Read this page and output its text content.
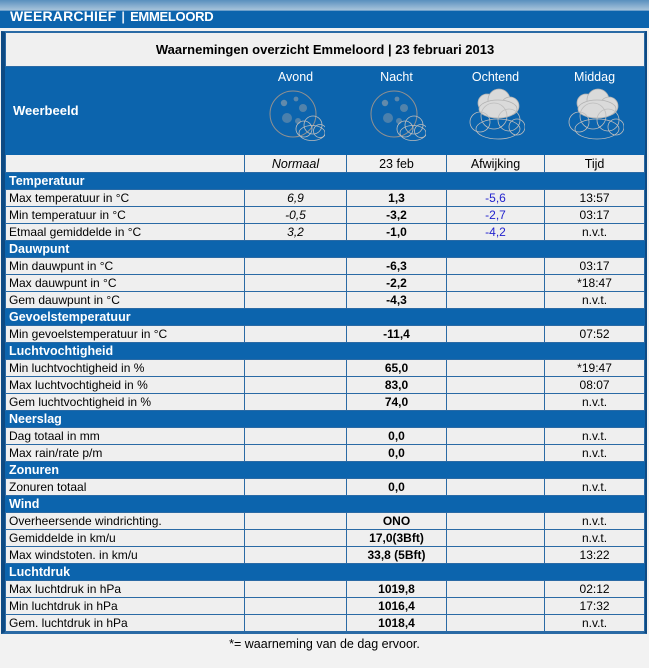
WEERARCHIEF | EMMELOORD
Waarnemingen overzicht Emmeloord | 23 februari 2013				
Weerbeeld	Avond	Nacht	Ochtend	Middag

	Normaal	23 feb	Afwijking	Tijd
Temperatuur				
Max temperatuur in °C	6,9	1,3	-5,6	13:57
Min temperatuur in °C	-0,5	-3,2	-2,7	03:17
Etmaal gemiddelde in °C	3,2	-1,0	-4,2	n.v.t.
Dauwpunt				
Min dauwpunt in °C		-6,3		03:17
Max dauwpunt in °C		-2,2		*18:47
Gem dauwpunt in °C		-4,3		n.v.t.
Gevoelstemperatuur				
Min gevoelstemperatuur in °C		-11,4		07:52
Luchtvochtigheid				
Min luchtvochtigheid in %		65,0		*19:47
Max luchtvochtigheid in %		83,0		08:07
Gem luchtvochtigheid in %		74,0		n.v.t.
Neerslag				
Dag totaal in mm		0,0		n.v.t.
Max rain/rate p/m		0,0		n.v.t.
Zonuren				
Zonuren totaal		0,0		n.v.t.
Wind				
Overheersende windrichting.		ONO		n.v.t.
Gemiddelde in km/u		17,0(3Bft)		n.v.t.
Max windstoten. in km/u		33,8 (5Bft)		13:22
Luchtdruk				
Max luchtdruk in hPa		1019,8		02:12
Min luchtdruk in hPa		1016,4		17:32
Gem. luchtdruk in hPa		1018,4		n.v.t.
*= waarneming van de dag ervoor.
